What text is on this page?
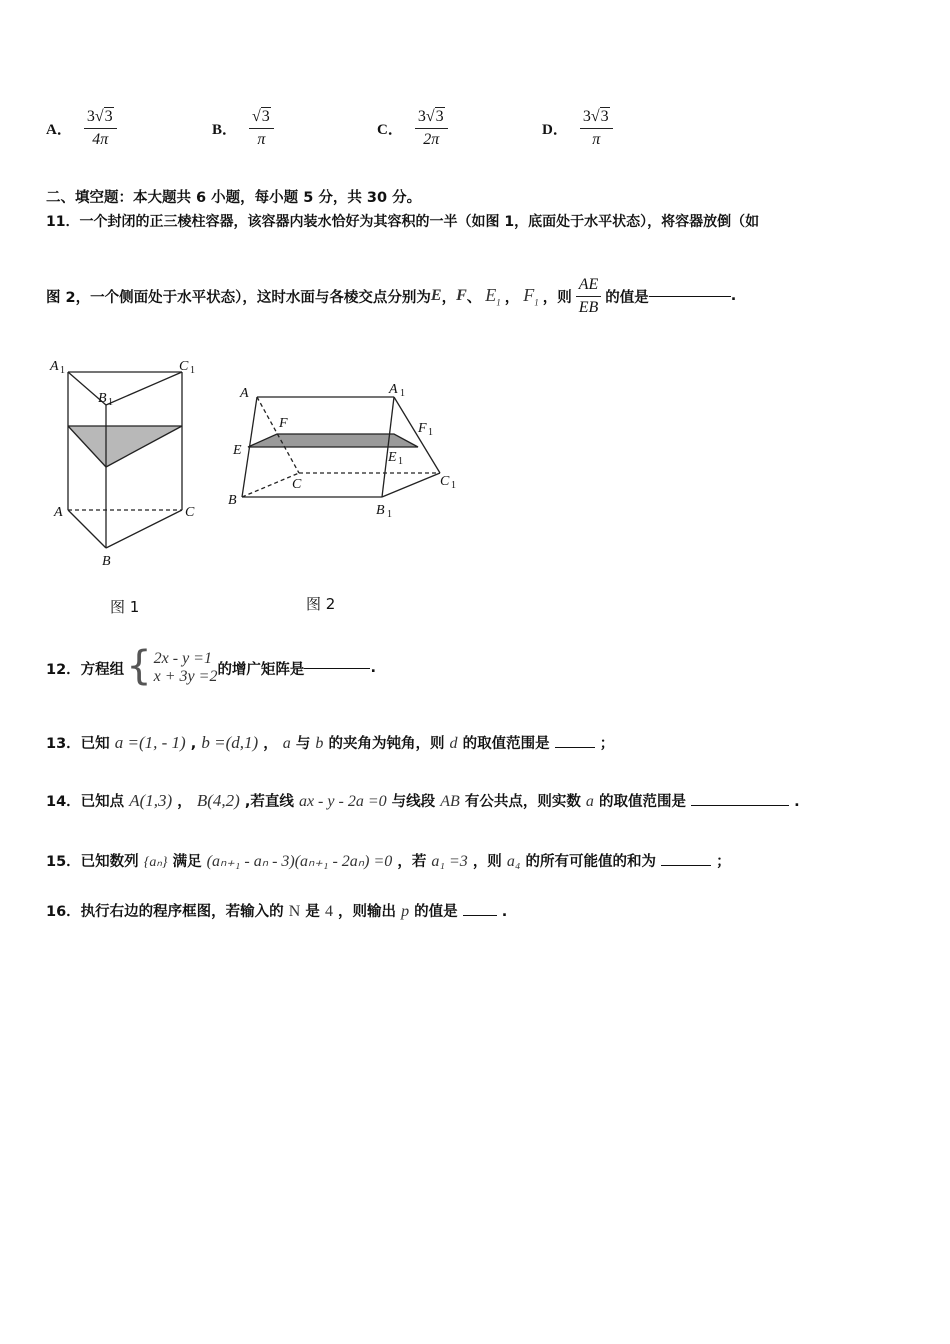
A． $\frac{3√3}{4\pi}$	B． $\frac{√3}{\pi}$	C． $\frac{3√3}{2\pi}$	D． $\frac{3√3}{\pi}$
二、填空题：本大题共 6 小题，每小题 5 分，共 30 分。
11．一个封闭的正三棱柱容器，该容器内装水恰好为其容积的一半（如图 1，底面处于水平状态），将容器放倒（如
图 2，一个侧面处于水平状态），这时水面与各棱交点分别为 E ， F 、 $E_1$ ， $F_1$ ，则 $\frac{AE}{EB}$ 的值是	.
A 1	C 1
B 1
A	C
B
图 1
A	A 1
F	F 1
E	E 1
C	C 1
B
B 1
图 2
12．方程组 { 2x - y =1
x + 3y =2 的增广矩阵是	.
13．已知 a =(1, - 1) , b =(d,1) ， a 与 b 的夹角为钝角，则 d 的取值范围是	；
14．已知点 A(1,3) ， B(4,2) ,若直线 ax - y - 2a =0 与线段 AB 有公共点，则实数 a 的取值范围是	.
15．已知数列 {aₙ} 满足 (aₙ₊₁ - aₙ - 3)(aₙ₊₁ - 2aₙ) =0 ，若 a₁ =3 ，则 a₄ 的所有可能值的和为	；
16．执行右边的程序框图，若输入的 N 是 4 ，则输出 p 的值是	.
